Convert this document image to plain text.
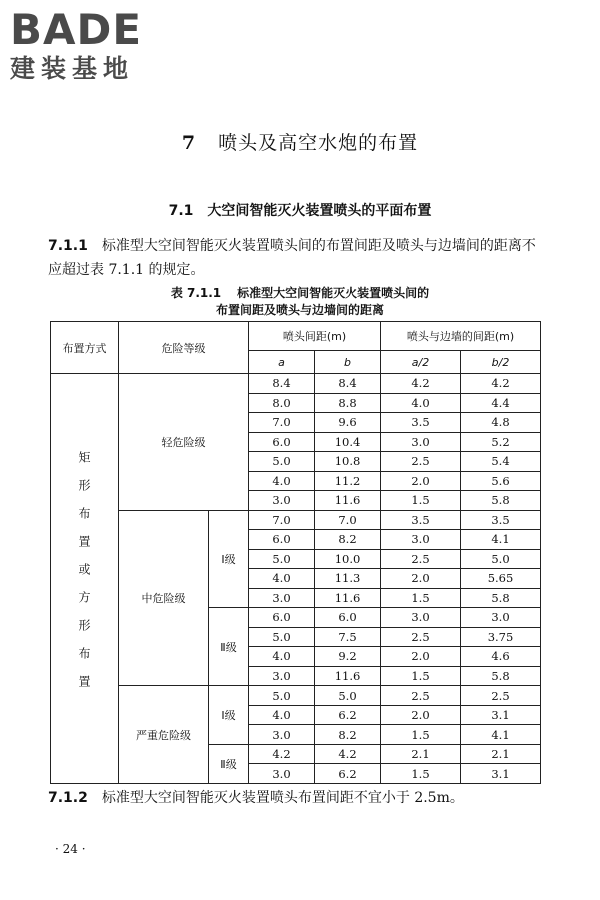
BADE
建装基地
7 喷头及高空水炮的布置
7.1 大空间智能灭火装置喷头的平面布置
7.1.1 标准型大空间智能灭火装置喷头间的布置间距及喷头与边墙间的距离不应超过表 7.1.1 的规定。
表 7.1.1 标准型大空间智能灭火装置喷头间的
布置间距及喷头与边墙间的距离
布置方式	危险等级		喷头间距(m)		喷头与边墙的间距(m)	
			a	b	a/2	b/2
矩形布置或方形布置	轻危险级		8.4	8.4	4.2	4.2
			8.0	8.8	4.0	4.4
			7.0	9.6	3.5	4.8
			6.0	10.4	3.0	5.2
			5.0	10.8	2.5	5.4
			4.0	11.2	2.0	5.6
			3.0	11.6	1.5	5.8
	中危险级	Ⅰ级	7.0	7.0	3.5	3.5
			6.0	8.2	3.0	4.1
			5.0	10.0	2.5	5.0
			4.0	11.3	2.0	5.65
			3.0	11.6	1.5	5.8
		Ⅱ级	6.0	6.0	3.0	3.0
			5.0	7.5	2.5	3.75
			4.0	9.2	2.0	4.6
			3.0	11.6	1.5	5.8
	严重危险级	Ⅰ级	5.0	5.0	2.5	2.5
			4.0	6.2	2.0	3.1
			3.0	8.2	1.5	4.1
		Ⅱ级	4.2	4.2	2.1	2.1
			3.0	6.2	1.5	3.1
7.1.2 标准型大空间智能灭火装置喷头布置间距不宜小于 2.5m。
· 24 ·
